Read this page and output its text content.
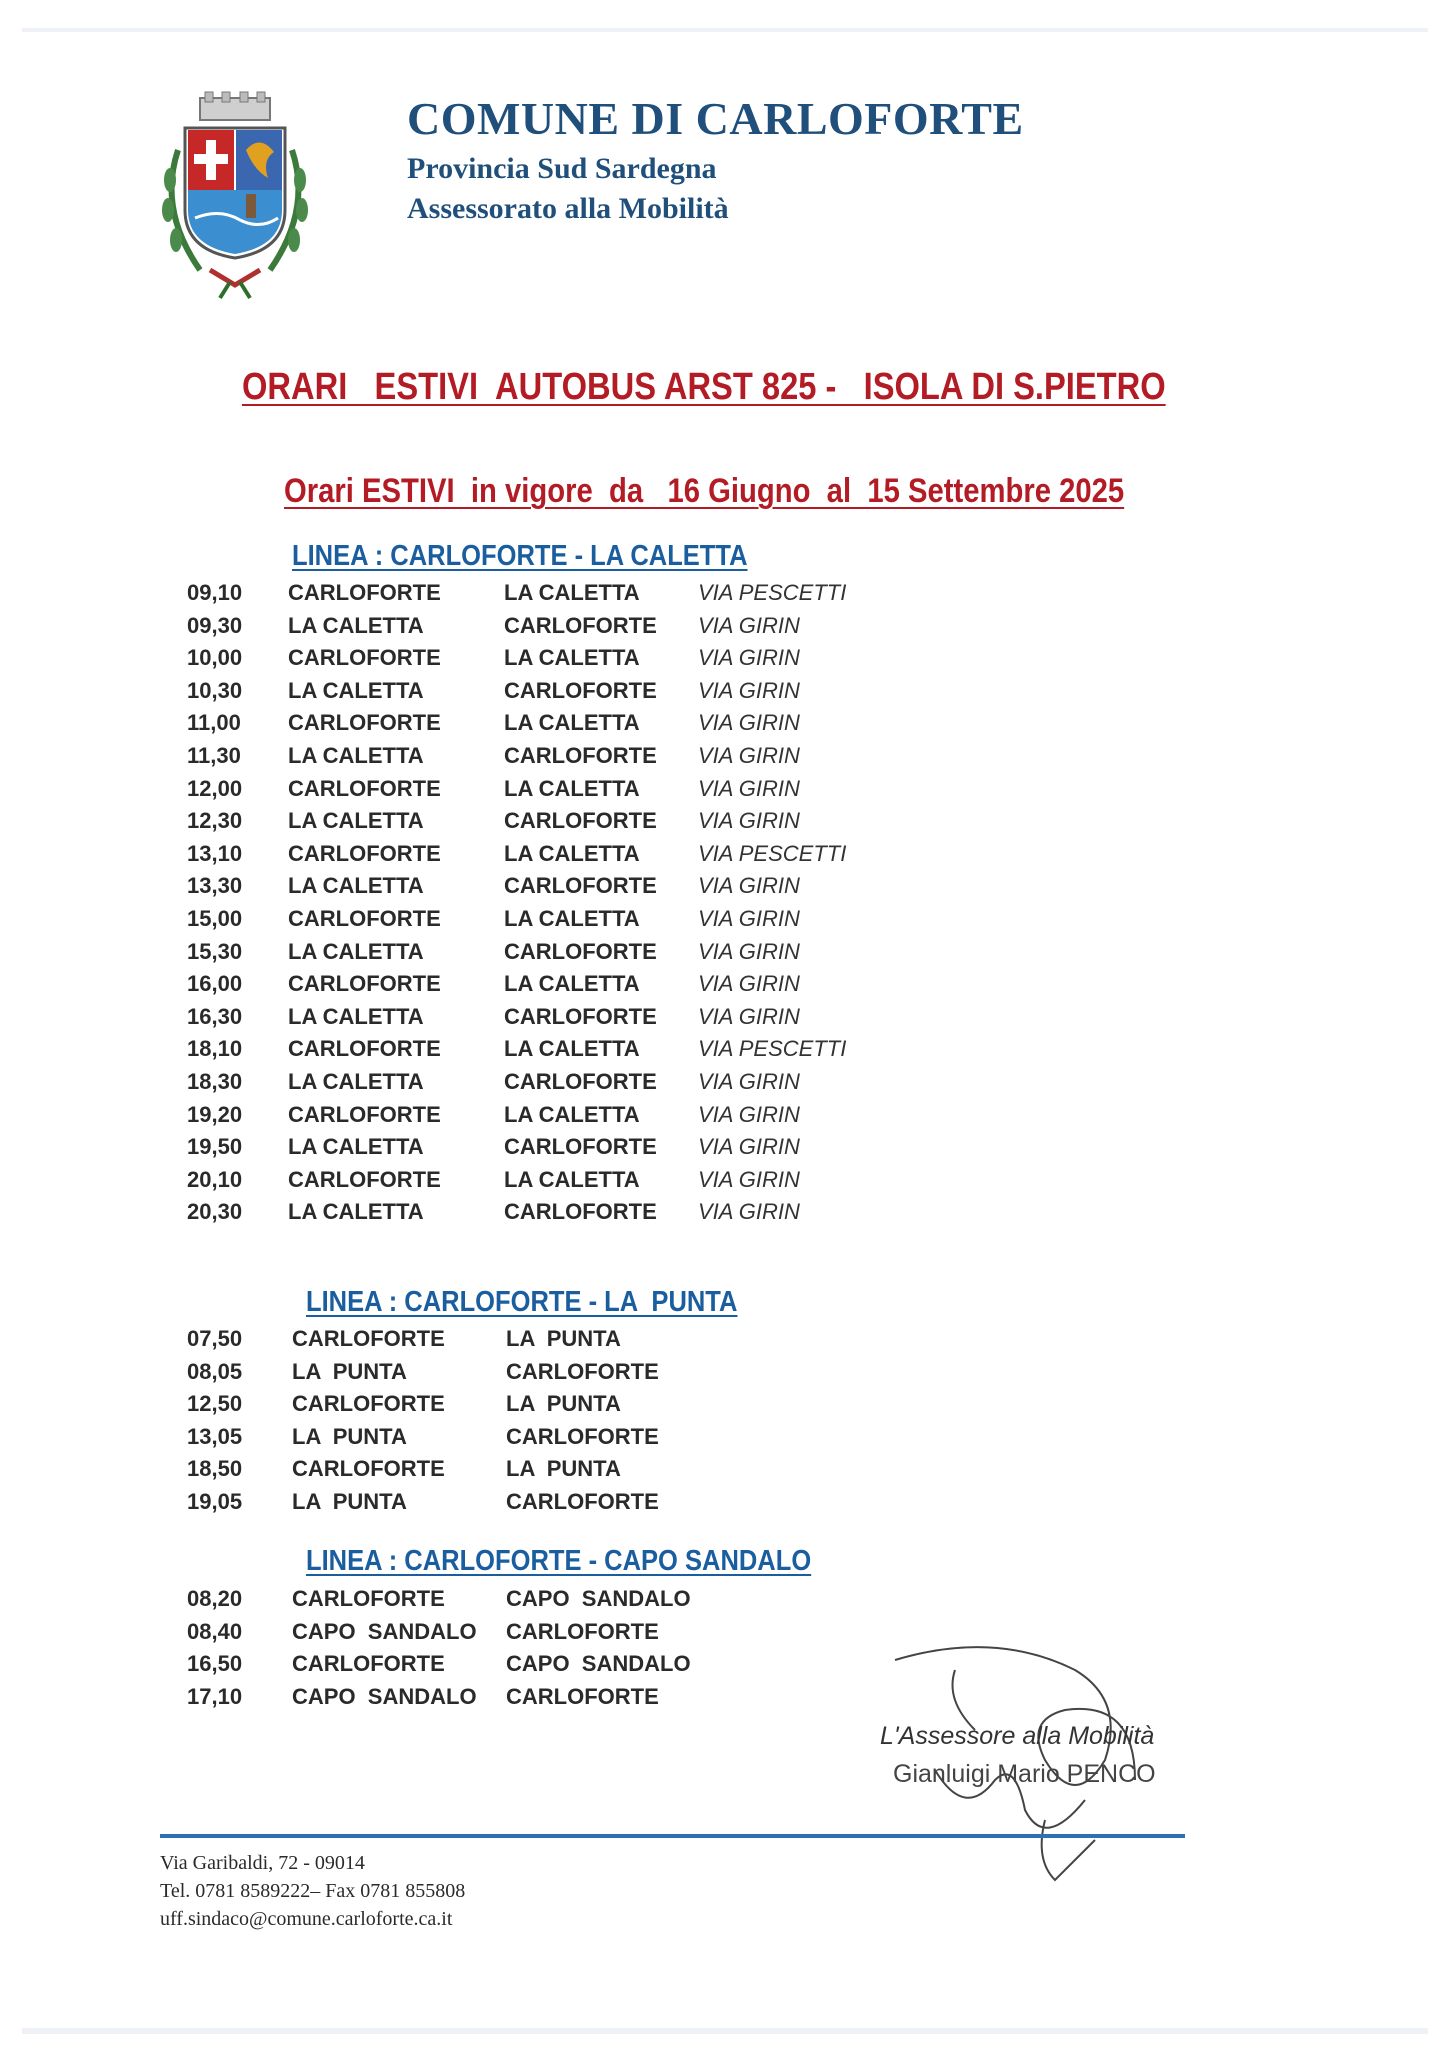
COMUNE DI CARLOFORTE
Provincia Sud Sardegna
Assessorato alla Mobilità
ORARI   ESTIVI  AUTOBUS ARST 825 -   ISOLA DI S.PIETRO
Orari ESTIVI  in vigore  da   16 Giugno  al  15 Settembre 2025
LINEA : CARLOFORTE - LA CALETTA
LINEA : CARLOFORTE - LA  PUNTA
LINEA : CARLOFORTE - CAPO SANDALO
09,10 CARLOFORTE	LA CALETTA	VIA PESCETTI
09,30 LA CALETTA	CARLOFORTE VIA GIRIN
10,00 CARLOFORTE	LA CALETTA	VIA GIRIN
10,30 LA CALETTA	CARLOFORTE VIA GIRIN
11,00 CARLOFORTE	LA CALETTA	VIA GIRIN
11,30 LA CALETTA	CARLOFORTE VIA GIRIN
12,00 CARLOFORTE	LA CALETTA	VIA GIRIN
12,30 LA CALETTA	CARLOFORTE VIA GIRIN
13,10 CARLOFORTE	LA CALETTA	VIA PESCETTI
13,30 LA CALETTA	CARLOFORTE VIA GIRIN
15,00 CARLOFORTE	LA CALETTA	VIA GIRIN
15,30 LA CALETTA	CARLOFORTE VIA GIRIN
16,00 CARLOFORTE	LA CALETTA	VIA GIRIN
16,30 LA CALETTA	CARLOFORTE VIA GIRIN
18,10 CARLOFORTE	LA CALETTA	VIA PESCETTI
18,30 LA CALETTA	CARLOFORTE VIA GIRIN
19,20 CARLOFORTE	LA CALETTA	VIA GIRIN
19,50 LA CALETTA	CARLOFORTE VIA GIRIN
20,10 CARLOFORTE	LA CALETTA	VIA GIRIN
20,30 LA CALETTA	CARLOFORTE VIA GIRIN
07,50 CARLOFORTE	LA  PUNTA
08,05 LA  PUNTA	CARLOFORTE
12,50 CARLOFORTE	LA  PUNTA
13,05 LA  PUNTA	CARLOFORTE
18,50 CARLOFORTE	LA  PUNTA
19,05 LA  PUNTA	CARLOFORTE
08,20 CARLOFORTE	CAPO  SANDALO
08,40 CAPO  SANDALO CARLOFORTE
16,50 CARLOFORTE	CAPO  SANDALO
17,10 CAPO  SANDALO CARLOFORTE
L'Assessore alla Mobilità
Gianluigi Mario PENCO
Via Garibaldi, 72 - 09014
Tel. 0781 8589222– Fax 0781 855808
uff.sindaco@comune.carloforte.ca.it
